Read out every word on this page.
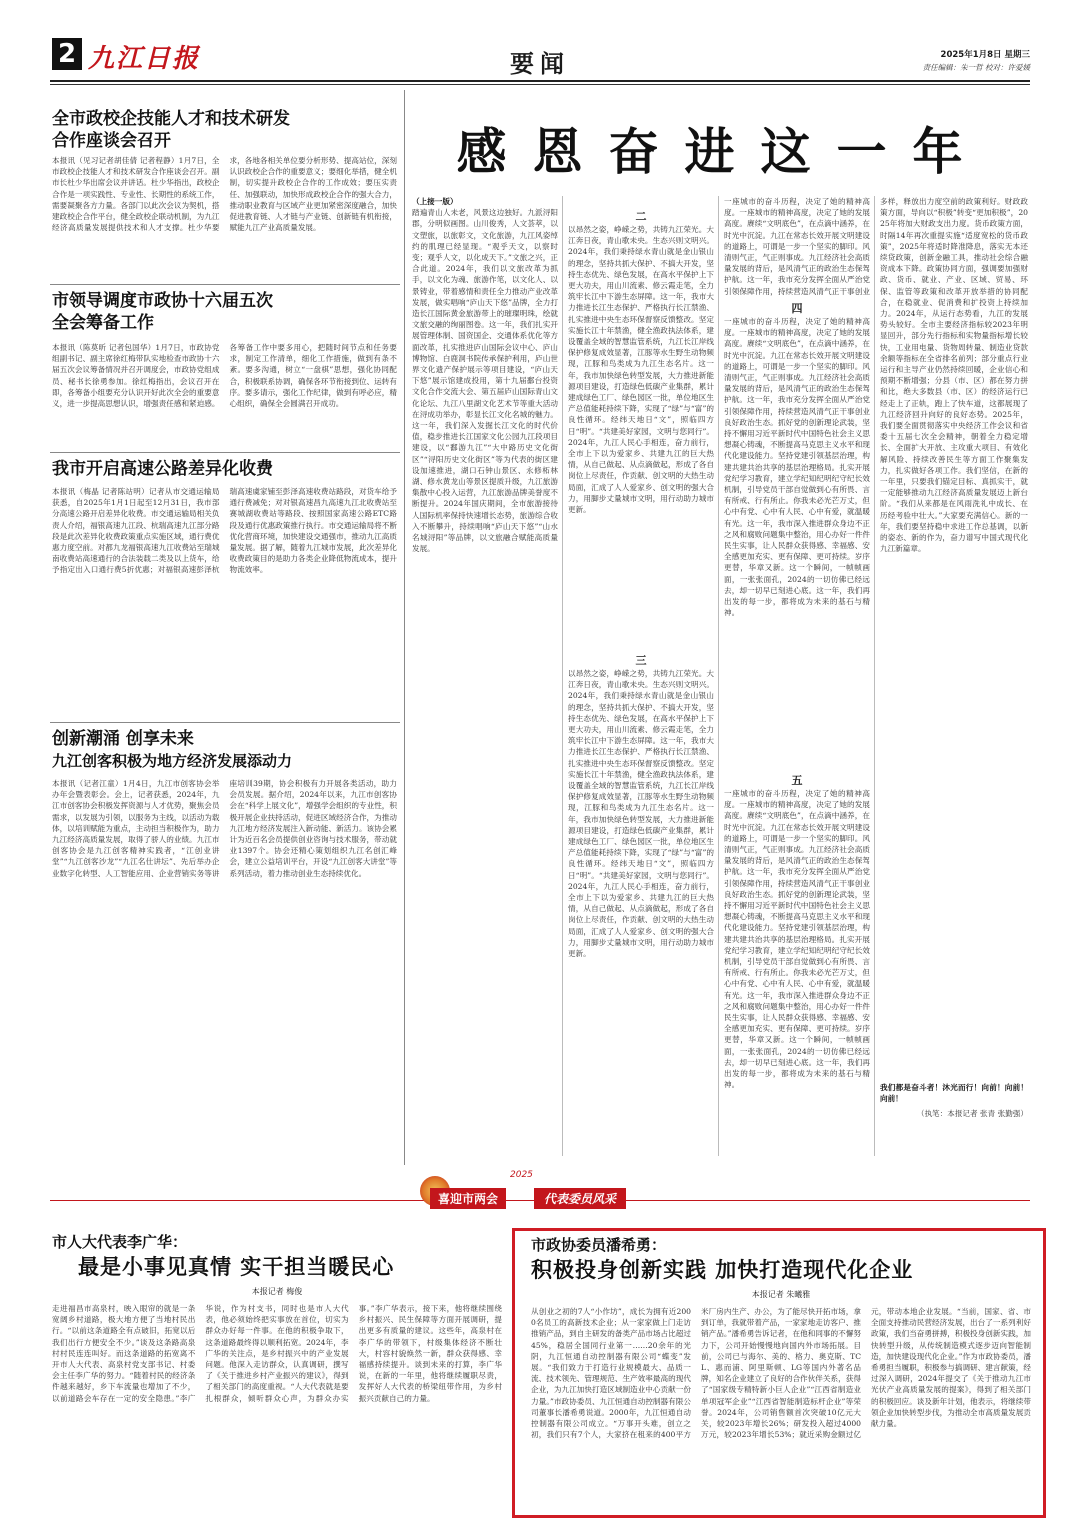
2 九江日报	要闻	2025年1月8日 星期三
责任编辑：朱一哲 校对：许爱媛
全市政校企技能人才和技术研发
合作座谈会召开
本报讯（见习记者胡佳倩 记者程静）1月7日，全市政校企技能人才和技术研发合作座谈会召开。副市长杜少华出席会议并讲话。杜少华指出，政校企合作是一项实践性、专业性、长期性的系统工作，需要凝聚各方力量。各部门以此次会议为契机，搭建政校企合作平台，健全政校企联动机制，为九江经济高质量发展提供技术和人才支撑。杜少华要求，各地各相关单位要分析形势、提高站位，深刻认识政校企合作的重要意义；要细化举措，健全机制，切实提升政校企合作的工作成效；要压实责任、加强联动，加快形成政校企合作的强大合力，推动职业教育与区域产业更加紧密深度融合，加快促进教育链、人才链与产业链、创新链有机衔接，赋能九江产业高质量发展。
市领导调度市政协十六届五次
全会筹备工作
本报讯（陈莫昕 记者包国华）1月7日，市政协党组副书记、副主席徐红梅带队实地检查市政协十六届五次会议筹备情况并召开调度会，市政协党组成员、秘书长徐勇参加。徐红梅指出，会议召开在即，各筹备小组要充分认识开好此次全会的重要意义，进一步提高思想认识，增强责任感和紧迫感。各筹备工作中要多用心，把随时间节点和任务要求，制定工作清单，细化工作措施，做到有条不紊。要多沟通，树立“一盘棋”思想，强化协同配合，积极联系协调，确保各环节衔接到位、运转有序。要多请示，强化工作纪律，做到有呼必应，精心组织，确保全会圆满召开成功。
我市开启高速公路差异化收费
本报讯（梅晶 记者陈站明）记者从市交通运输局获悉，自2025年1月1日起至12月31日，我市部分高速公路开启差异化收费。市交通运输局相关负责人介绍，福银高速九江段、杭瑞高速九江部分路段是此次差异化收费政策重点实施区域，通行费优惠力度空前。对都九龙福银高速九江收费站至瑞城南收费站高速通行的合法装载二类及以上货车，给予指定出入口通行费5折优惠；对福银高速彭泽杭瑞高速虞家铺至彭泽高速收费站路段，对货车给予通行费减免；对对银高速昌九高速九江北收费站至赛城湖收费站等路段、按照国家高速公路ETC路段及通行优惠政策推行执行。市交通运输局将不断优化营商环境，加快建设交通强市，推动九江高质量发展。据了解，随着九江城市发展，此次差异化收费政策目的是助力各类企业降低物流成本，提升物流效率。
创新潮涌 创享未来
九江创客积极为地方经济发展添动力
本报讯（记者江童）1月4日，九江市创客协会举办年会暨表彰会。会上，记者获悉，2024年，九江市创客协会积极发挥资源与人才优势，聚焦会员需求，以发展为引领，以服务为主线，以活动为载体，以培训赋能为重点，主动担当积极作为，助力九江经济高质量发展，取得了骄人的业绩。九江市创客协会是九江创客精神实践者，“江创业讲堂”“九江创客沙龙”“九江名仕讲坛”、先后举办企业数字化转型、人工智能应用、企业营销实务等讲座培训39期，协会积极有力开展各类活动，助力会员发展。据介绍，2024年以来，九江市创客协会在“科学上展文化”，增强学会组织的专业性，积极开展企业扶持活动，促进区域经济合作，为推动九江地方经济发展注入新动能、新活力。该协会累计为近百名会员提供创业咨询与技术服务，带动就业1397个。协会还精心策划组织九江名创汇峰会，建立公益培训平台，开设“九江创客大讲堂”等系列活动，着力推动创业生态持续优化。
感恩奋进这一年
（上接一版）
踏遍青山人未老，风景这边独好。九派浔阳郡，分明似画图。山川俊秀，人文荟萃，以文塑旅，以旅彰文，文化旅游，九江风姿绰约的肌理已经显现。“观乎天文，以察时变；观乎人文，以化成天下。”文旅之兴，正合此道。2024年，我们以文旅改革为抓手，以文化为魂、旅游作笔，以文化人、以景铸业，带着感情和责任全力推动产业改革发展，做实唱响“庐山天下悠”品牌，全力打造长江国际黄金旅游带上的璀璨明珠，绘就文旅交融的绚丽图卷。这一年，我们扎实开展管理体制、国资国企、交通体系优化等方面改革，扎实推进庐山国际会议中心、庐山博物馆、白鹿洞书院传承保护利用，庐山世界文化遗产保护展示等项目建设，“庐山天下悠”展示馆建成投用，第十九届鄱台投资文化合作交流大会、第五届庐山国际青山文化论坛、九江八里湖文化艺术节等重大活动在浔成功举办，彰显长江文化名城的魅力。这一年，我们深入发掘长江文化的时代价值，稳步推进长江国家文化公园九江段项目建设，以“鄱游九江”“大中路历史文化街区”“浔阳历史文化街区”等为代表的街区建设加速推进，湖口石钟山景区、永修柘林湖、修水黄龙山等景区提质升级，九江旅游集散中心投入运营，九江旅游品牌美誉度不断提升。2024年国庆期间，全市旅游接待人国际机率保持快速增长态势，旅游综合收入不断攀升，持续唱响“庐山天下悠”“山水名城浔阳”等品牌，以文旅融合赋能高质量发展。
二
以昂然之姿，峥嵘之势，共铸九江荣光。大江奔日夜，青山歌未央。生态兴则文明兴。2024年，我们秉持绿水青山就是金山银山的理念，坚持共抓大保护、不搞大开发，坚持生态优先、绿色发展，在高水平保护上下更大功夫，用山川流素、修云霞走笔，全力筑牢长江中下游生态屏障。这一年，我市大力推进长江生态保护、严格执行长江禁渔、扎实推进中央生态环保督察反馈整改。坚定实施长江十年禁渔，健全渔政执法体系，建设覆盖全域的智慧监管系统，九江长江岸线保护修复成效显著，江豚等水生野生动物频现，江豚和鸟类成为九江生态名片。这一年，我市加快绿色转型发展，大力推进新能源项目建设，打造绿色低碳产业集群，累计建成绿色工厂、绿色园区一批，单位地区生产总值能耗持续下降，实现了“绿”与“富”的良性循环。经纬天地日“文”，照临四方日“明”。“共建美好家园，文明与您同行”。2024年，九江人民心手相连，奋力前行，全市上下以为爱家乡、共建九江的巨大热情，从自己做起、从点滴做起，形成了各自岗位上尽责任，作贡献、创文明的大热生动局面，汇成了人人爱家乡、创文明的强大合力，用脚步丈量城市文明，用行动助力城市更新。
三
以昂然之姿，峥嵘之势，共铸九江荣光。大江奔日夜，青山歌未央。生态兴则文明兴。2024年，我们秉持绿水青山就是金山银山的理念，坚持共抓大保护、不搞大开发，坚持生态优先、绿色发展，在高水平保护上下更大功夫，用山川流素、修云霞走笔，全力筑牢长江中下游生态屏障。这一年，我市大力推进长江生态保护、严格执行长江禁渔、扎实推进中央生态环保督察反馈整改。坚定实施长江十年禁渔，健全渔政执法体系，建设覆盖全域的智慧监管系统，九江长江岸线保护修复成效显著，江豚等水生野生动物频现，江豚和鸟类成为九江生态名片。这一年，我市加快绿色转型发展，大力推进新能源项目建设，打造绿色低碳产业集群，累计建成绿色工厂、绿色园区一批，单位地区生产总值能耗持续下降，实现了“绿”与“富”的良性循环。经纬天地日“文”，照临四方日“明”。“共建美好家园，文明与您同行”。2024年，九江人民心手相连，奋力前行，全市上下以为爱家乡、共建九江的巨大热情，从自己做起、从点滴做起，形成了各自岗位上尽责任，作贡献、创文明的大热生动局面，汇成了人人爱家乡、创文明的强大合力，用脚步丈量城市文明，用行动助力城市更新。
一座城市的奋斗历程，决定了她的精神高度。一座城市的精神高度，决定了她的发展高度。赓续“文明底色”，在点滴中涵养，在时光中沉淀。九江在常态长效开展文明建设的道路上，可谓是一步一个坚实的脚印。风清则气正，气正则事成。九江经济社会高质量发展的背后，是风清气正的政治生态保驾护航。这一年，我市充分发挥全面从严治党引领保障作用，持续营造风清气正干事创业
四
一座城市的奋斗历程，决定了她的精神高度。一座城市的精神高度，决定了她的发展高度。赓续“文明底色”，在点滴中涵养，在时光中沉淀。九江在常态长效开展文明建设的道路上，可谓是一步一个坚实的脚印。风清则气正，气正则事成。九江经济社会高质量发展的背后，是风清气正的政治生态保驾护航。这一年，我市充分发挥全面从严治党引领保障作用，持续营造风清气正干事创业良好政治生态。抓好党的创新理论武装，坚持不懈用习近平新时代中国特色社会主义思想凝心铸魂，不断提高马克思主义水平和现代化建设能力。坚持党建引领基层治理，构建共建共治共享的基层治理格局。扎实开展党纪学习教育，建立学纪知纪明纪守纪长效机制，引导党员干部自觉做到心有所畏、言有所戒、行有所止。你我未必光芒万丈，但心中有党、心中有人民、心中有爱，就温暖有光。这一年，我市深入推进群众身边不正之风和腐败问题集中整治，用心办好一件件民生实事，让人民群众获得感、幸福感、安全感更加充实、更有保障、更可持续。岁序更替，华章又新。这一个瞬间，一帧帧画面，一张张面孔，2024的一切仿佛已经远去，却一切早已刻进心底。这一年，我们再出发的每一步，都将成为未来的基石与精神。
五
一座城市的奋斗历程，决定了她的精神高度。一座城市的精神高度，决定了她的发展高度。赓续“文明底色”，在点滴中涵养，在时光中沉淀。九江在常态长效开展文明建设的道路上，可谓是一步一个坚实的脚印。风清则气正，气正则事成。九江经济社会高质量发展的背后，是风清气正的政治生态保驾护航。这一年，我市充分发挥全面从严治党引领保障作用，持续营造风清气正干事创业良好政治生态。抓好党的创新理论武装，坚持不懈用习近平新时代中国特色社会主义思想凝心铸魂，不断提高马克思主义水平和现代化建设能力。坚持党建引领基层治理，构建共建共治共享的基层治理格局。扎实开展党纪学习教育，建立学纪知纪明纪守纪长效机制，引导党员干部自觉做到心有所畏、言有所戒、行有所止。你我未必光芒万丈，但心中有党、心中有人民、心中有爱，就温暖有光。这一年，我市深入推进群众身边不正之风和腐败问题集中整治，用心办好一件件民生实事，让人民群众获得感、幸福感、安全感更加充实、更有保障、更可持续。岁序更替，华章又新。这一个瞬间，一帧帧画面，一张张面孔，2024的一切仿佛已经远去，却一切早已刻进心底。这一年，我们再出发的每一步，都将成为未来的基石与精神。
多样，释放出力度空前的政策利好。财政政策方面，导向以“积极”转变“更加积极”，2025年将加大财政支出力度。货币政策方面，时隔14年再次重提实施“适度宽松的货币政策”，2025年将适时降准降息，落实无本还续贷政策，创新金融工具，推动社会综合融资成本下降。政策协同方面，强调要加强财政、货币、就业、产业、区域、贸易、环保、监管等政策和改革开放举措的协同配合，在稳就业、促消费和扩投资上持续加力。2024年，从运行态势看，九江的发展势头较好。全市主要经济指标较2023年明显回升，部分先行指标和实物量指标增长较快，工业用电量、货物周转量、制造业贷款余额等指标在全省排名前列；部分重点行业运行和主导产业仍然持续回暖，企业信心和预期不断增强；分县（市、区）都在努力拼和比，绝大多数县（市、区）的经济运行已经走上了正轨，跑上了快车道，这都展现了九江经济回升向好的良好态势。2025年，我们要全面贯彻落实中央经济工作会议和省委十五届七次全会精神，朝着全力稳定增长、全面扩大开放、主攻重大项目、有效化解风险、持续改善民生等方面工作聚集发力，扎实做好各项工作。我们坚信，在新的一年里，只要我们锚定目标、真抓实干，就一定能够推动九江经济高质量发展迈上新台阶。“我们从来都是在风雨洗礼中成长、在历经考验中壮大。”大家要充满信心。新的一年，我们要坚持稳中求进工作总基调，以新的姿态、新的作为，奋力谱写中国式现代化九江新篇章。
我们都是奋斗者！沐光而行！向前！向前！向前！
（执笔：本报记者 张青 张勤强）
2025
喜迎市两会	代表委员风采
市人大代表李广华：
最是小事见真情 实干担当暖民心
本报记者 梅俊
走进福昌市高泉村，映入眼帘的就是一条宽阔乡村道路，极大地方便了当地村民出行。“以前这条道路全有点破旧，拓宽以后我们出行方便安全不少。”谈及这条路高泉村村民连连叫好。而这条道路的拓宽离不开市人大代表、高泉村党支部书记、村委会主任李广华的努力。“随着村民的经济条件越来越好，乡下车流量也增加了不少，以前道路会车存在一定的安全隐患。”李广华说，作为村支书，同时也是市人大代表，他必须始终把实事放在首位，切实为群众办好每一件事。在他的积极争取下，这条道路最终得以顺利拓宽。2024年，李广华的关注点，是乡村振兴中的产业发展问题。他深入走访群众，认真调研，撰写了《关于推进乡村产业振兴的建议》，得到了相关部门的高度重视。“人大代表就是要扎根群众，倾听群众心声，为群众办实事。”李广华表示，接下来，他将继续围绕乡村振兴、民生保障等方面开展调研，提出更多有质量的建议。这些年，高泉村在李广华的带领下，村级集体经济不断壮大，村容村貌焕然一新，群众获得感、幸福感持续提升。谈到未来的打算，李广华说，在新的一年里，他将继续履职尽责，发挥好人大代表的桥梁纽带作用，为乡村振兴贡献自己的力量。
市政协委员潘希勇：
积极投身创新实践 加快打造现代化企业
本报记者 朱曦雅
从创业之初的7人“小作坊”，成长为拥有近2000名员工的高新技术企业；从一家家做上门走访推销产品，到自主研发的备类产品市场占比超过45%，稳居全国同行业第一……20余年的光阴，九江恒通自动控制器有限公司“蝶变”发展。“我们致力于打造行业规模最大、品质一流、技术领先、管理规范、生产效率最高的现代企业，为九江加快打造区域制造业中心贡献一份力量。”市政协委员、九江恒通自动控制器有限公司董事长潘希勇说道。2000年，九江恒通自动控制器有限公司成立。“万事开头难，创立之初，我们只有7个人，大家挤在租来的400平方米厂房内生产、办公，为了能尽快开拓市场，拿到订单，我就带着产品，一家家地走访客户、推销产品。”潘希勇告诉记者，在他和同事的不懈努力下，公司开始慢慢地向国内外市场拓展。目前，公司已与海尔、美的、格力、奥克斯、TCL、惠而浦、阿里斯顿、LG等国内外著名品牌，知名企业建立了良好的合作伙伴关系，获得了“国家级专精特新小巨人企业”“江西省制造业单项冠军企业”“江西省智能制造标杆企业”等荣誉。2024年，公司销售额首次突破10亿元大关，较2023年增长26%；研发投入超过4000万元，较2023年增长53%；就近采购金额过亿元，带动本地企业发展。“当前，国家、省、市全面支持推动民营经济发展，出台了一系列利好政策，我们当奋勇拼搏，积极投身创新实践，加快转型升级，从传统制造模式逐步迈向智能制造，加快建设现代化企业。”作为市政协委员，潘希勇担当履职，积极参与搞调研、建言献策，经过深入调研，2024年提交了《关于推动九江市光伏产业高质量发展的提案》，得到了相关部门的积极回应。谈及新年计划，他表示，将继续带领企业加快转型步伐，为推动全市高质量发展贡献力量。
